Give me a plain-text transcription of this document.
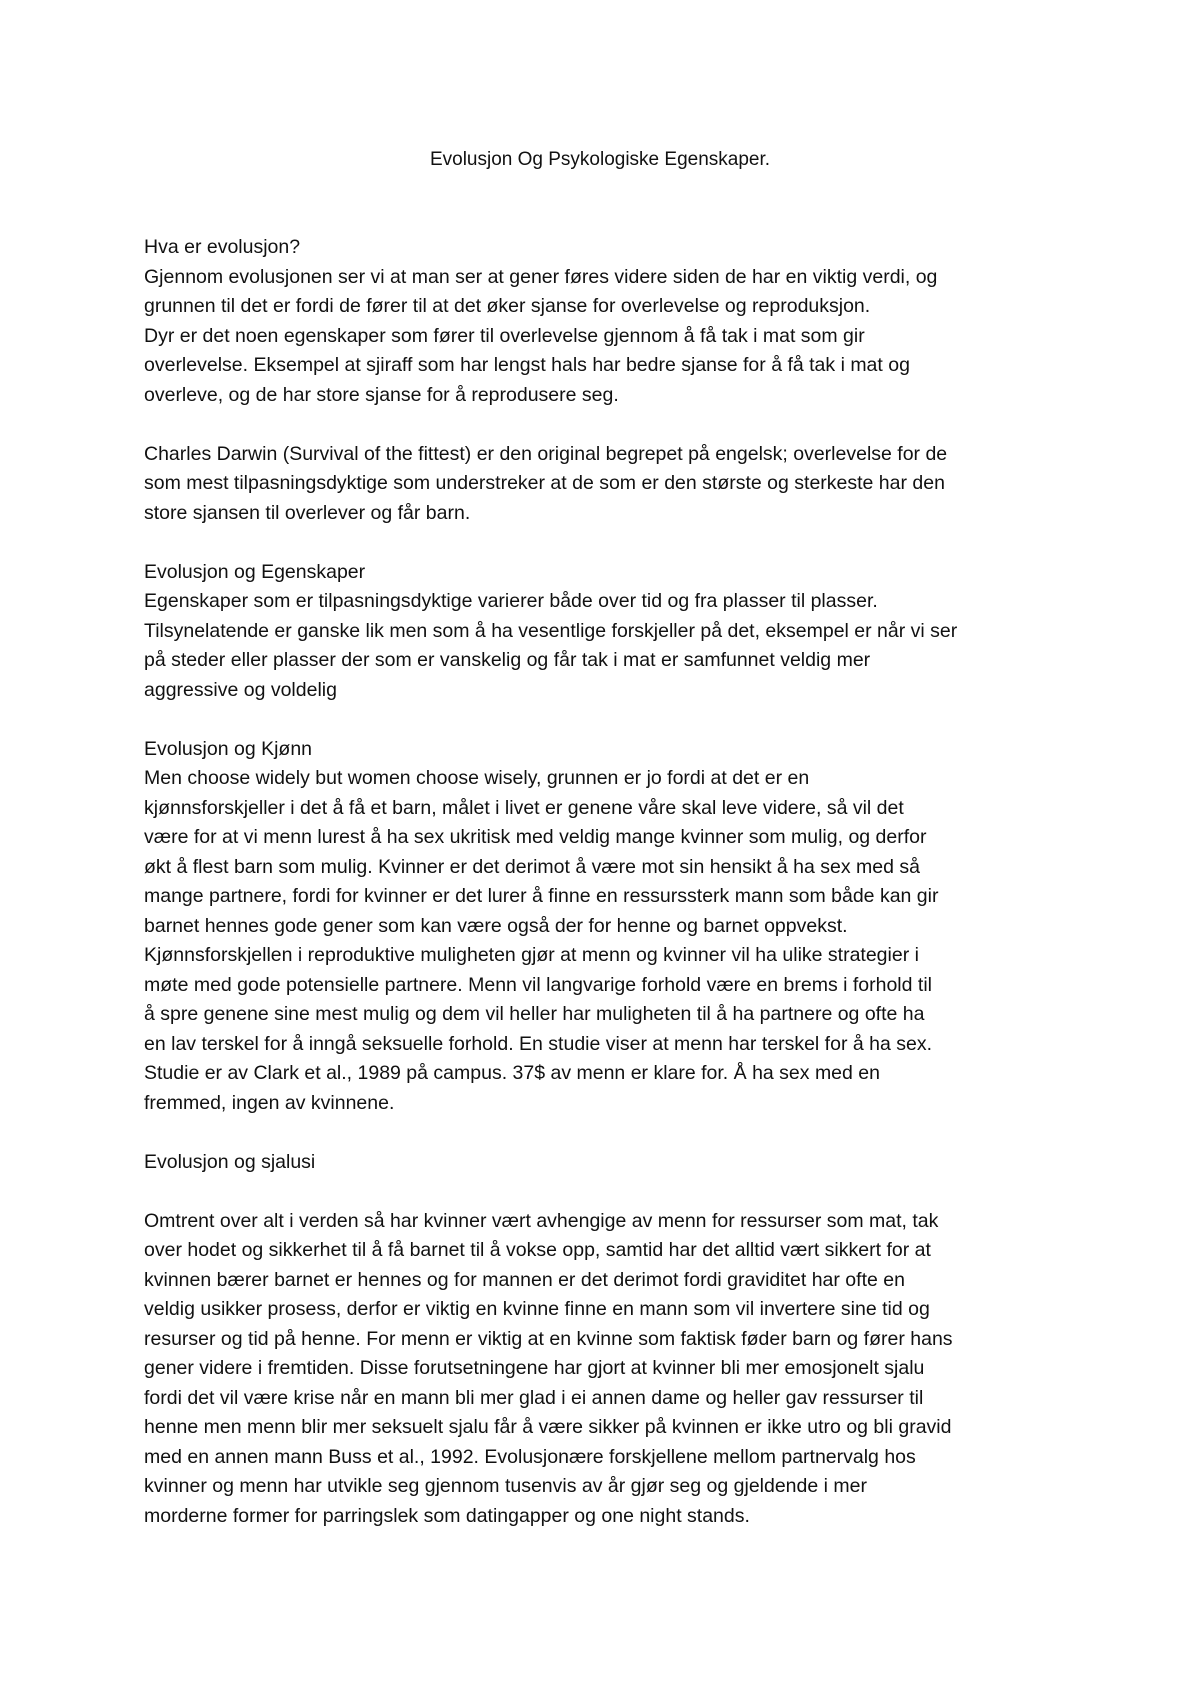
Evolusjon Og Psykologiske Egenskaper.
Hva er evolusjon?
Gjennom evolusjonen ser vi at man ser at gener føres videre siden de har en viktig verdi, og
grunnen til det er fordi de fører til at det øker sjanse for overlevelse og reproduksjon.
Dyr er det noen egenskaper som fører til overlevelse gjennom å få tak i mat som gir
overlevelse. Eksempel at sjiraff som har lengst hals har bedre sjanse for å få tak i mat og
overleve, og de har store sjanse for å reprodusere seg.
Charles Darwin (Survival of the fittest) er den original begrepet på engelsk; overlevelse for de
som mest tilpasningsdyktige som understreker at de som er den største og sterkeste har den
store sjansen til overlever og får barn.
Evolusjon og Egenskaper
Egenskaper som er tilpasningsdyktige varierer både over tid og fra plasser til plasser.
Tilsynelatende er ganske lik men som å ha vesentlige forskjeller på det, eksempel er når vi ser
på steder eller plasser der som er vanskelig og får tak i mat er samfunnet veldig mer
aggressive og voldelig
Evolusjon og Kjønn
Men choose widely but women choose wisely, grunnen er jo fordi at det er en
kjønnsforskjeller i det å få et barn, målet i livet er genene våre skal leve videre, så vil det
være for at vi menn lurest å ha sex ukritisk med veldig mange kvinner som mulig, og derfor
økt å flest barn som mulig. Kvinner er det derimot å være mot sin hensikt å ha sex med så
mange partnere, fordi for kvinner er det lurer å finne en ressurssterk mann som både kan gir
barnet hennes gode gener som kan være også der for henne og barnet oppvekst.
Kjønnsforskjellen i reproduktive muligheten gjør at menn og kvinner vil ha ulike strategier i
møte med gode potensielle partnere. Menn vil langvarige forhold være en brems i forhold til
å spre genene sine mest mulig og dem vil heller har muligheten til å ha partnere og ofte ha
en lav terskel for å inngå seksuelle forhold. En studie viser at menn har terskel for å ha sex.
Studie er av Clark et al., 1989 på campus. 37$ av menn er klare for. Å ha sex med en
fremmed, ingen av kvinnene.
Evolusjon og sjalusi
Omtrent over alt i verden så har kvinner vært avhengige av menn for ressurser som mat, tak
over hodet og sikkerhet til å få barnet til å vokse opp, samtid har det alltid vært sikkert for at
kvinnen bærer barnet er hennes og for mannen er det derimot fordi graviditet har ofte en
veldig usikker prosess, derfor er viktig en kvinne finne en mann som vil invertere sine tid og
resurser og tid på henne. For menn er viktig at en kvinne som faktisk føder barn og fører hans
gener videre i fremtiden. Disse forutsetningene har gjort at kvinner bli mer emosjonelt sjalu
fordi det vil være krise når en mann bli mer glad i ei annen dame og heller gav ressurser til
henne men menn blir mer seksuelt sjalu får å være sikker på kvinnen er ikke utro og bli gravid
med en annen mann Buss et al., 1992. Evolusjonære forskjellene mellom partnervalg hos
kvinner og menn har utvikle seg gjennom tusenvis av år gjør seg og gjeldende i mer
morderne former for parringslek som datingapper og one night stands.
